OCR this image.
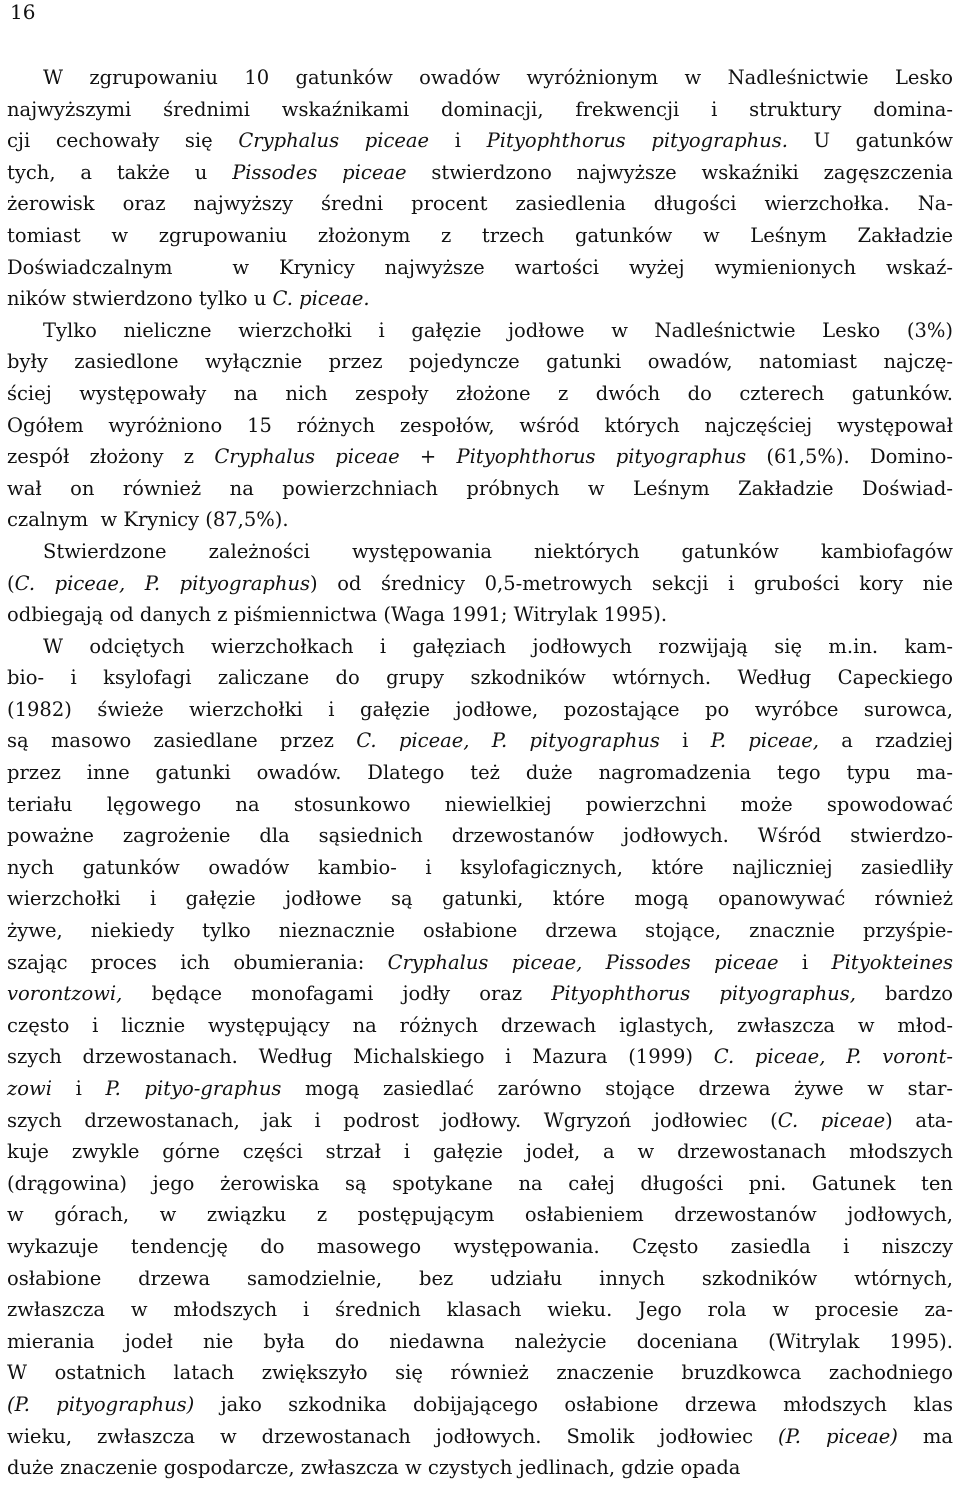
16
W zgrupowaniu 10 gatunków owadów wyróżnionym w Nadleśnictwie Lesko
najwyższymi średnimi wskaźnikami dominacji, frekwencji i struktury domina-
cji cechowały się Cryphalus piceae i Pityophthorus pityographus. U gatunków
tych, a także u Pissodes piceae stwierdzono najwyższe wskaźniki zagęszczenia
żerowisk oraz najwyższy średni procent zasiedlenia długości wierzchołka. Na-
tomiast w zgrupowaniu złożonym z trzech gatunków w Leśnym Zakładzie
Doświadczalnym  w Krynicy najwyższe wartości wyżej wymienionych wskaź-
ników stwierdzono tylko u C. piceae.
Tylko nieliczne wierzchołki i gałęzie jodłowe w Nadleśnictwie Lesko (3%)
były zasiedlone wyłącznie przez pojedyncze gatunki owadów, natomiast najczę-
ściej występowały na nich zespoły złożone z dwóch do czterech gatunków.
Ogółem wyróżniono 15 różnych zespołów, wśród których najczęściej występował
zespół złożony z Cryphalus piceae + Pityophthorus pityographus (61,5%). Domino-
wał on również na powierzchniach próbnych w Leśnym Zakładzie Doświad-
czalnym  w Krynicy (87,5%).
Stwierdzone zależności występowania niektórych gatunków kambiofagów
(C. piceae, P. pityographus) od średnicy 0,5-metrowych sekcji i grubości kory nie
odbiegają od danych z piśmiennictwa (Waga 1991; Witrylak 1995).
W odciętych wierzchołkach i gałęziach jodłowych rozwijają się m.in. kam-
bio- i ksylofagi zaliczane do grupy szkodników wtórnych. Według Capeckiego
(1982) świeże wierzchołki i gałęzie jodłowe, pozostające po wyróbce surowca,
są masowo zasiedlane przez C. piceae, P. pityographus i P. piceae, a rzadziej
przez inne gatunki owadów. Dlatego też duże nagromadzenia tego typu ma-
teriału lęgowego na stosunkowo niewielkiej powierzchni może spowodować
poważne zagrożenie dla sąsiednich drzewostanów jodłowych. Wśród stwierdzo-
nych gatunków owadów kambio- i ksylofagicznych, które najliczniej zasiedliły
wierzchołki i gałęzie jodłowe są gatunki, które mogą opanowywać również
żywe, niekiedy tylko nieznacznie osłabione drzewa stojące, znacznie przyśpie-
szając proces ich obumierania: Cryphalus piceae, Pissodes piceae i Pityokteines
vorontzowi, będące monofagami jodły oraz Pityophthorus pityographus, bardzo
często i licznie występujący na różnych drzewach iglastych, zwłaszcza w młod-
szych drzewostanach. Według Michalskiego i Mazura (1999) C. piceae, P. voront-
zowi i P. pityo-graphus mogą zasiedlać zarówno stojące drzewa żywe w star-
szych drzewostanach, jak i podrost jodłowy. Wgryzoń jodłowiec (C. piceae) ata-
kuje zwykle górne części strzał i gałęzie jodeł, a w drzewostanach młodszych
(drągowina) jego żerowiska są spotykane na całej długości pni. Gatunek ten
w górach, w związku z postępującym osłabieniem drzewostanów jodłowych,
wykazuje tendencję do masowego występowania. Często zasiedla i niszczy
osłabione drzewa samodzielnie, bez udziału innych szkodników wtórnych,
zwłaszcza w młodszych i średnich klasach wieku. Jego rola w procesie za-
mierania jodeł nie była do niedawna należycie doceniana (Witrylak 1995).
W ostatnich latach zwiększyło się również znaczenie bruzdkowca zachodniego
(P. pityographus) jako szkodnika dobijającego osłabione drzewa młodszych klas
wieku, zwłaszcza w drzewostanach jodłowych. Smolik jodłowiec (P. piceae) ma
duże znaczenie gospodarcze, zwłaszcza w czystych jedlinach, gdzie opada
